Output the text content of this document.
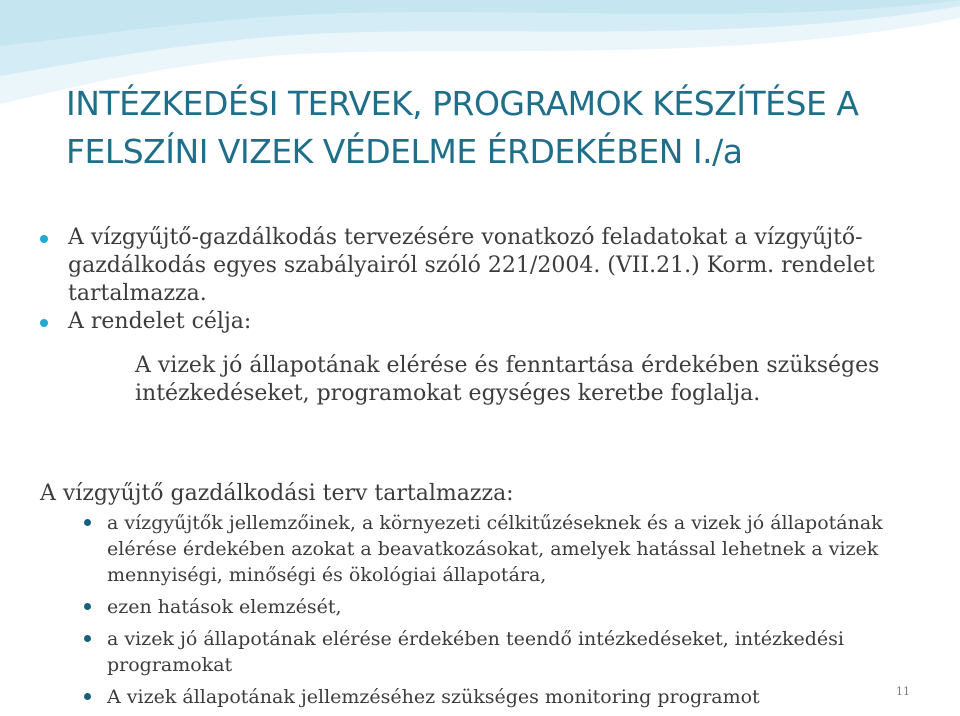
INTÉZKEDÉSI TERVEK, PROGRAMOK KÉSZÍTÉSE A
FELSZÍNI VIZEK VÉDELME ÉRDEKÉBEN I./a
A vízgyűjtő-gazdálkodás tervezésére vonatkozó feladatokat a vízgyűjtő-gazdálkodás egyes szabályairól szóló 221/2004. (VII.21.) Korm. rendelet tartalmazza.
A rendelet célja:

A vizek jó állapotának elérése és fenntartása érdekében szükséges intézkedéseket, programokat egységes keretbe foglalja.

A vízgyűjtő gazdálkodási terv tartalmazza:

a vízgyűjtők jellemzőinek, a környezeti célkitűzéseknek és a vizek jó állapotának elérése érdekében azokat a beavatkozásokat, amelyek hatással lehetnek a vizek mennyiségi, minőségi és ökológiai állapotára,
ezen hatások elemzését,
a vizek jó állapotának elérése érdekében teendő intézkedéseket, intézkedési programokat
A vizek állapotának jellemzéséhez szükséges monitoring programot	11
